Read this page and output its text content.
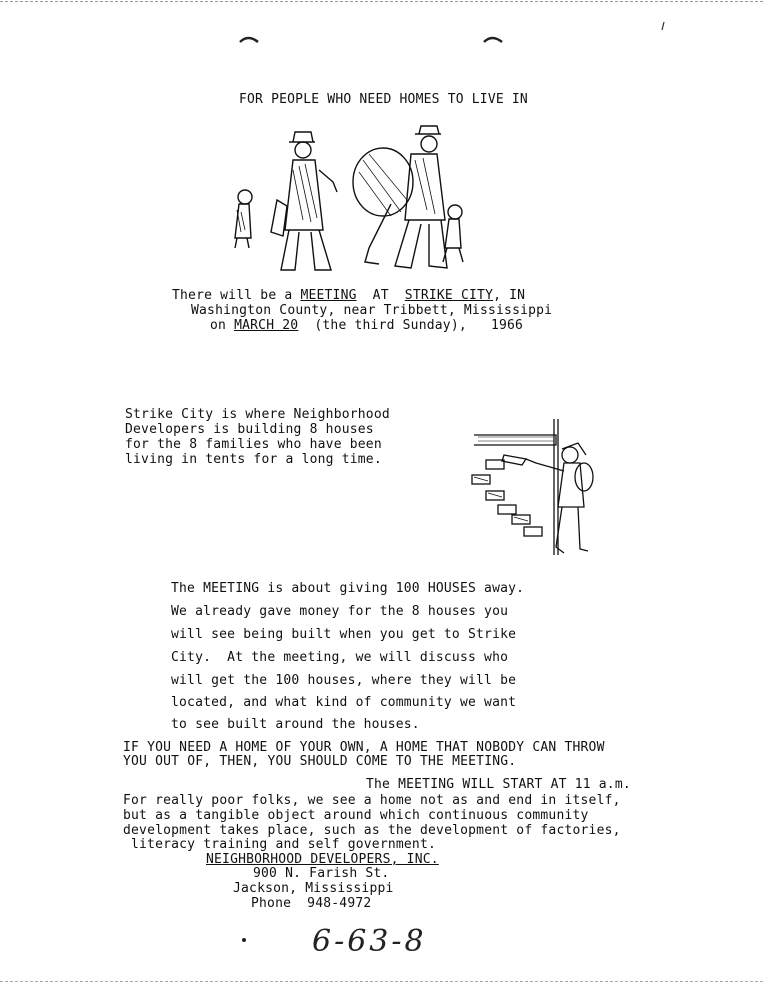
FOR PEOPLE WHO NEED HOMES TO LIVE IN
There will be a MEETING  AT  STRIKE CITY, IN
Washington County, near Tribbett, Mississippi
on MARCH 20  (the third Sunday),   1966
Strike City is where Neighborhood
Developers is building 8 houses
for the 8 families who have been
living in tents for a long time.
The MEETING is about giving 100 HOUSES away.
We already gave money for the 8 houses you
will see being built when you get to Strike
City.  At the meeting, we will discuss who
will get the 100 houses, where they will be
located, and what kind of community we want
to see built around the houses.
IF YOU NEED A HOME OF YOUR OWN, A HOME THAT NOBODY CAN THROW
YOU OUT OF, THEN, YOU SHOULD COME TO THE MEETING.
The MEETING WILL START AT 11 a.m.
For really poor folks, we see a home not as and end in itself,
but as a tangible object around which continuous community
development takes place, such as the development of factories,
literacy training and self government.
NEIGHBORHOOD DEVELOPERS, INC.
900 N. Farish St.
Jackson, Mississippi
Phone  948-4972
6-63-8
